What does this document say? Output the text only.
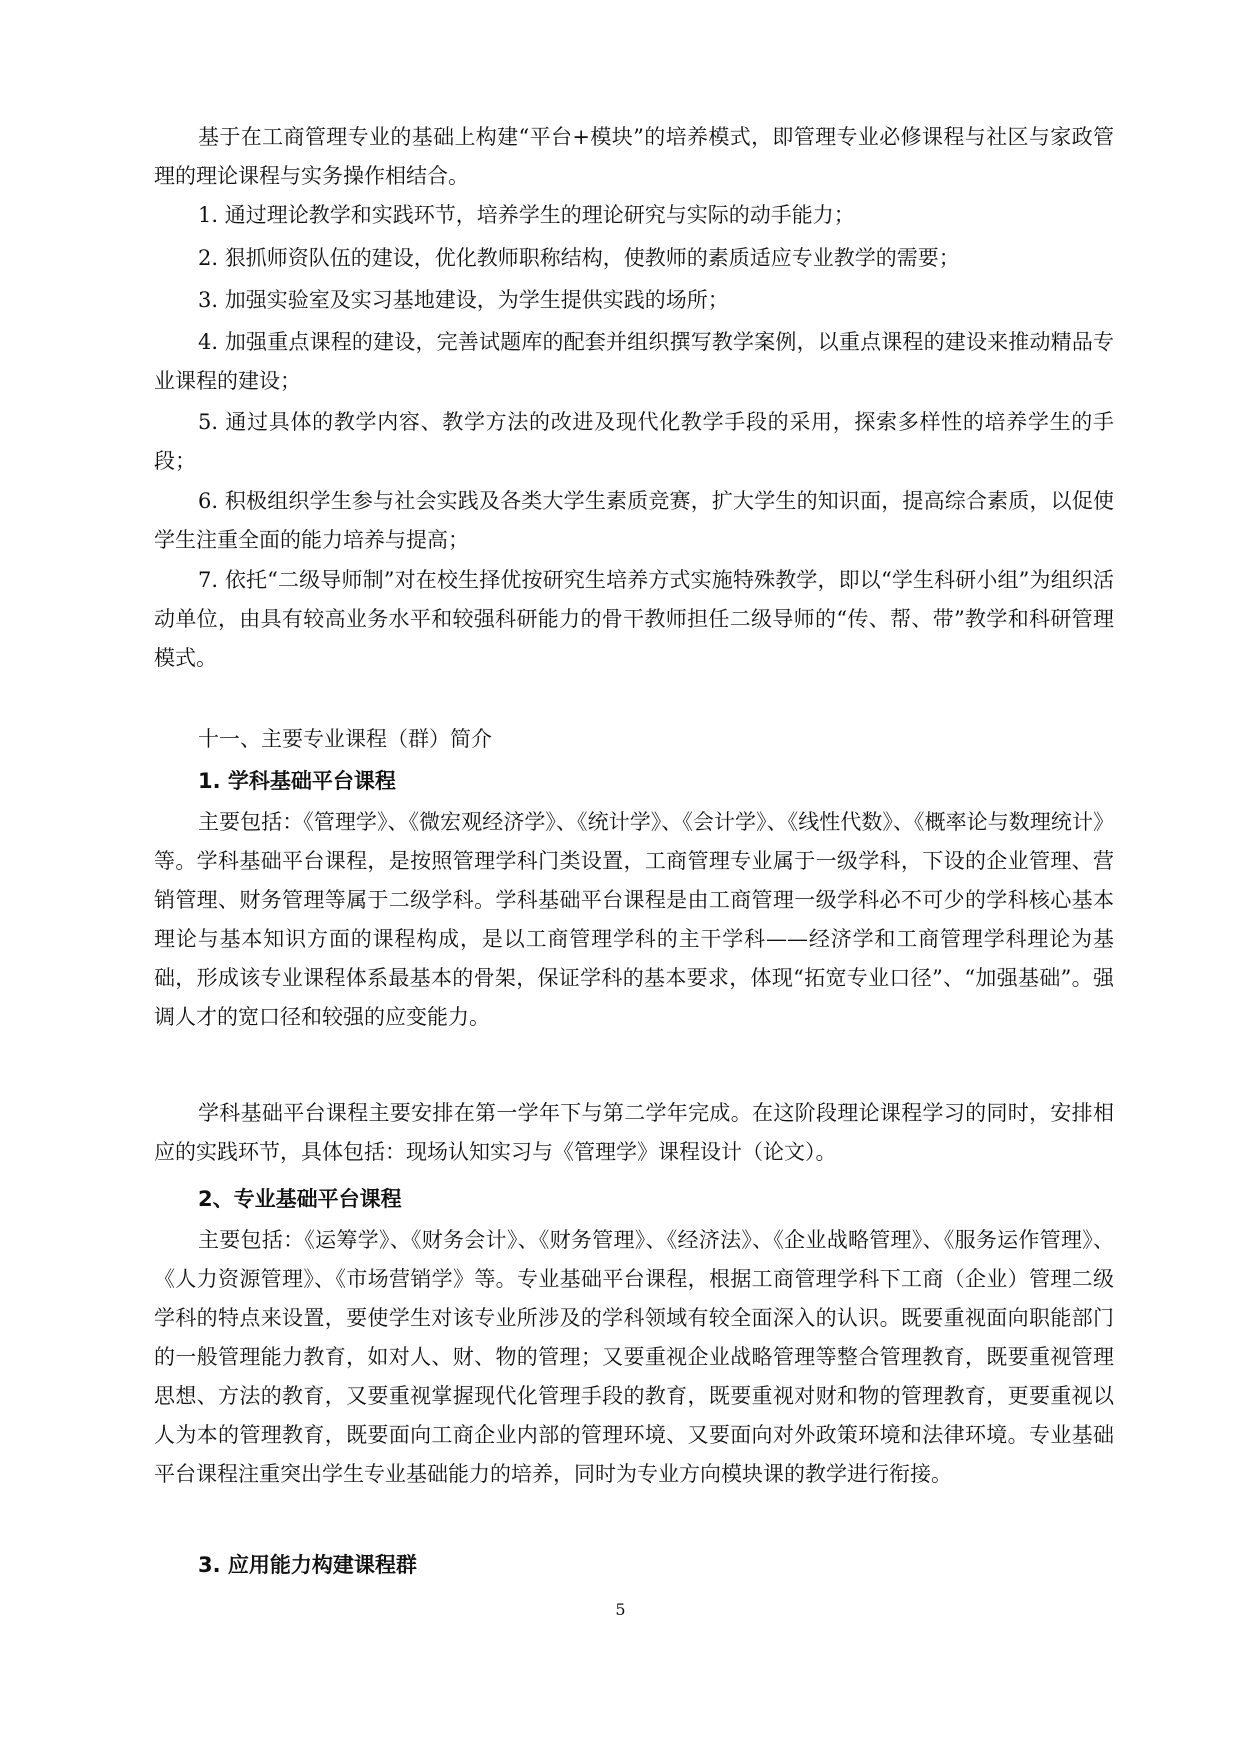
基于在工商管理专业的基础上构建“平台+模块”的培养模式，即管理专业必修课程与社区与家政管理的理论课程与实务操作相结合。

1. 通过理论教学和实践环节，培养学生的理论研究与实际的动手能力；

2. 狠抓师资队伍的建设，优化教师职称结构，使教师的素质适应专业教学的需要；

3. 加强实验室及实习基地建设，为学生提供实践的场所；

4. 加强重点课程的建设，完善试题库的配套并组织撰写教学案例，以重点课程的建设来推动精品专业课程的建设；

5. 通过具体的教学内容、教学方法的改进及现代化教学手段的采用，探索多样性的培养学生的手段；

6. 积极组织学生参与社会实践及各类大学生素质竞赛，扩大学生的知识面，提高综合素质，以促使学生注重全面的能力培养与提高；

7. 依托“二级导师制”对在校生择优按研究生培养方式实施特殊教学，即以“学生科研小组”为组织活动单位，由具有较高业务水平和较强科研能力的骨干教师担任二级导师的“传、帮、带”教学和科研管理模式。

十一、主要专业课程（群）简介

1. 学科基础平台课程

主要包括：《管理学》、《微宏观经济学》、《统计学》、《会计学》、《线性代数》、《概率论与数理统计》等。学科基础平台课程，是按照管理学科门类设置，工商管理专业属于一级学科，下设的企业管理、营销管理、财务管理等属于二级学科。学科基础平台课程是由工商管理一级学科必不可少的学科核心基本理论与基本知识方面的课程构成，是以工商管理学科的主干学科——经济学和工商管理学科理论为基础，形成该专业课程体系最基本的骨架，保证学科的基本要求，体现“拓宽专业口径”、“加强基础”。强调人才的宽口径和较强的应变能力。

学科基础平台课程主要安排在第一学年下与第二学年完成。在这阶段理论课程学习的同时，安排相应的实践环节，具体包括：现场认知实习与《管理学》课程设计（论文）。

2、专业基础平台课程

主要包括：《运筹学》、《财务会计》、《财务管理》、《经济法》、《企业战略管理》、《服务运作管理》、《人力资源管理》、《市场营销学》等。专业基础平台课程，根据工商管理学科下工商（企业）管理二级学科的特点来设置，要使学生对该专业所涉及的学科领域有较全面深入的认识。既要重视面向职能部门的一般管理能力教育，如对人、财、物的管理；又要重视企业战略管理等整合管理教育，既要重视管理思想、方法的教育，又要重视掌握现代化管理手段的教育，既要重视对财和物的管理教育，更要重视以人为本的管理教育，既要面向工商企业内部的管理环境、又要面向对外政策环境和法律环境。专业基础平台课程注重突出学生专业基础能力的培养，同时为专业方向模块课的教学进行衔接。

3. 应用能力构建课程群

5
